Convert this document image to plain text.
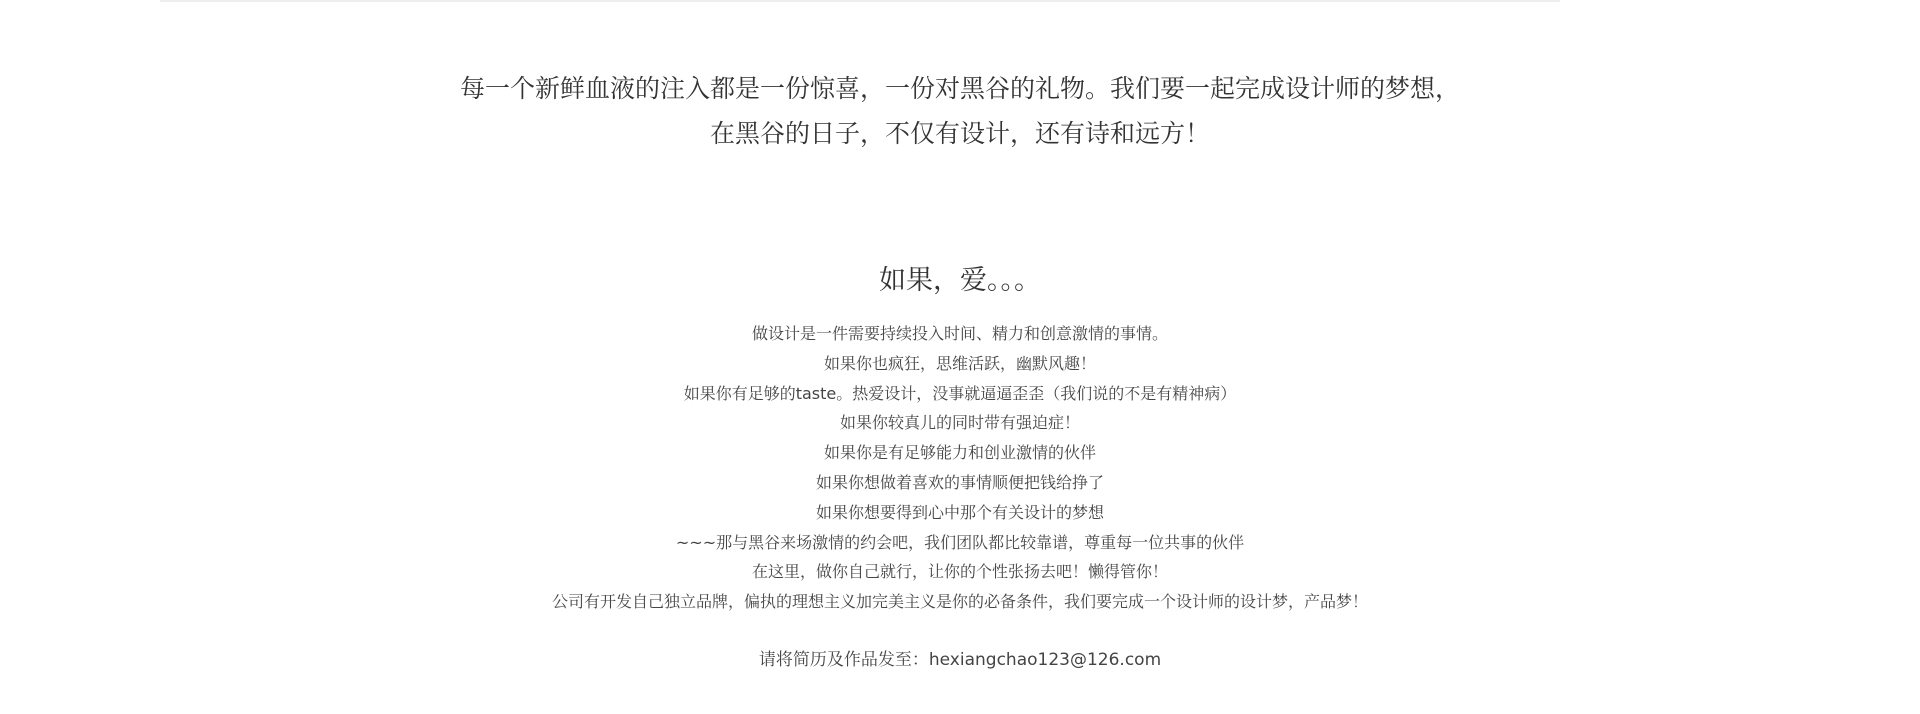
每一个新鲜血液的注入都是一份惊喜，一份对黑谷的礼物。我们要一起完成设计师的梦想，

在黑谷的日子，不仅有设计，还有诗和远方！

如果，爱。。。

做设计是一件需要持续投入时间、精力和创意激情的事情。

如果你也疯狂，思维活跃，幽默风趣！

如果你有足够的taste。热爱设计，没事就逼逼歪歪（我们说的不是有精神病）

如果你较真儿的同时带有强迫症！

如果你是有足够能力和创业激情的伙伴

如果你想做着喜欢的事情顺便把钱给挣了

如果你想要得到心中那个有关设计的梦想

~~~那与黑谷来场激情的约会吧，我们团队都比较靠谱，尊重每一位共事的伙伴

在这里，做你自己就行，让你的个性张扬去吧！懒得管你！

公司有开发自己独立品牌，偏执的理想主义加完美主义是你的必备条件，我们要完成一个设计师的设计梦，产品梦！

请将简历及作品发至：hexiangchao123@126.com
